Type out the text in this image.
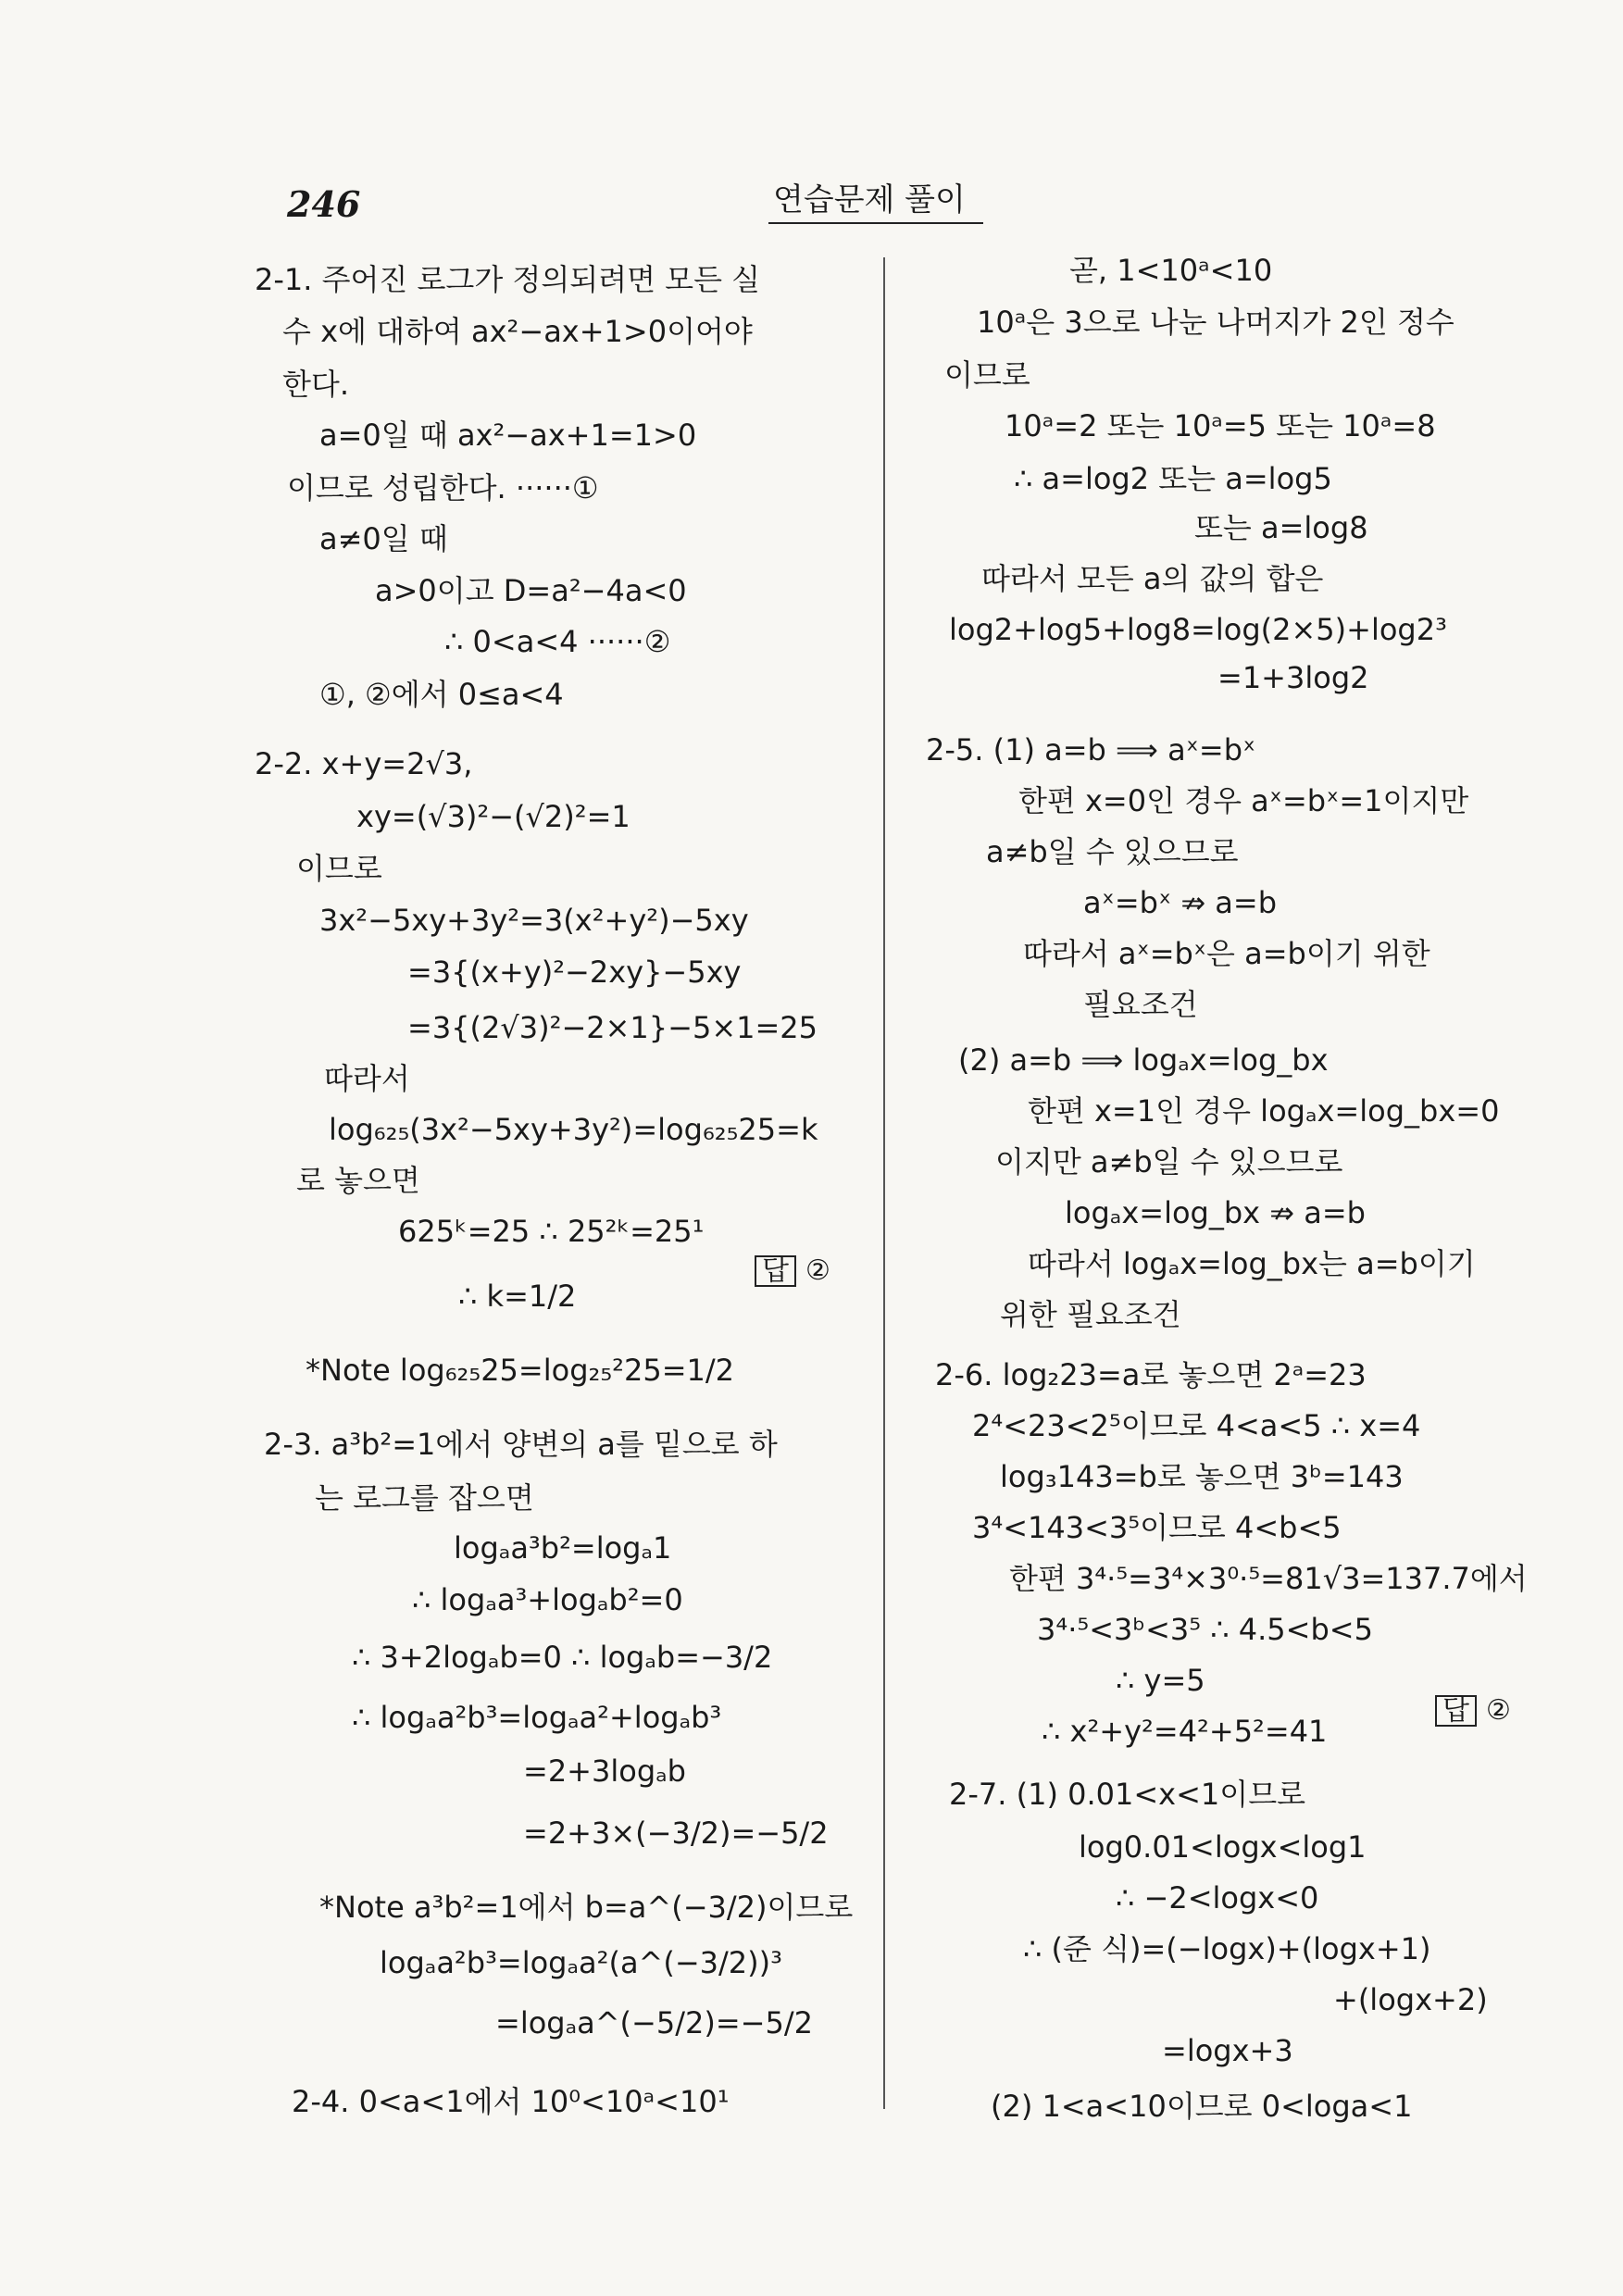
246	연습문제 풀이
2-1. 주어진 로그가 정의되려면 모든 실
수 x에 대하여 ax²−ax+1>0이어야
한다.
a=0일 때 ax²−ax+1=1>0
이므로 성립한다. ······①
a≠0일 때
a>0이고 D=a²−4a<0
∴ 0<a<4 ······②
①, ②에서 0≤a<4
2-2. x+y=2√3,
xy=(√3)²−(√2)²=1
이므로
3x²−5xy+3y²=3(x²+y²)−5xy
=3{(x+y)²−2xy}−5xy
=3{(2√3)²−2×1}−5×1=25
따라서
log₆₂₅(3x²−5xy+3y²)=log₆₂₅25=k
로 놓으면
625ᵏ=25 ∴ 25²ᵏ=25¹
∴ k=1/2
*Note log₆₂₅25=log₂₅²25=1/2
2-3. a³b²=1에서 양변의 a를 밑으로 하
는 로그를 잡으면
logₐa³b²=logₐ1
∴ logₐa³+logₐb²=0
∴ 3+2logₐb=0 ∴ logₐb=−3/2
∴ logₐa²b³=logₐa²+logₐb³
=2+3logₐb
=2+3×(−3/2)=−5/2
*Note a³b²=1에서 b=a^(−3/2)이므로
logₐa²b³=logₐa²(a^(−3/2))³
=logₐa^(−5/2)=−5/2
2-4. 0<a<1에서 10⁰<10ᵃ<10¹
곧, 1<10ᵃ<10
10ᵃ은 3으로 나눈 나머지가 2인 정수
이므로
10ᵃ=2 또는 10ᵃ=5 또는 10ᵃ=8
∴ a=log2 또는 a=log5
또는 a=log8
따라서 모든 a의 값의 합은
log2+log5+log8=log(2×5)+log2³
=1+3log2
2-5. (1) a=b ⟹ aˣ=bˣ
한편 x=0인 경우 aˣ=bˣ=1이지만
a≠b일 수 있으므로
aˣ=bˣ ⇏ a=b
따라서 aˣ=bˣ은 a=b이기 위한
필요조건
(2) a=b ⟹ logₐx=log_bx
한편 x=1인 경우 logₐx=log_bx=0
이지만 a≠b일 수 있으므로
logₐx=log_bx ⇏ a=b
따라서 logₐx=log_bx는 a=b이기
위한 필요조건
2-6. log₂23=a로 놓으면 2ᵃ=23
2⁴<23<2⁵이므로 4<a<5 ∴ x=4
log₃143=b로 놓으면 3ᵇ=143
3⁴<143<3⁵이므로 4<b<5
한편 3⁴·⁵=3⁴×3⁰·⁵=81√3=137.7에서
3⁴·⁵<3ᵇ<3⁵ ∴ 4.5<b<5
∴ y=5
∴ x²+y²=4²+5²=41
2-7. (1) 0.01<x<1이므로
log0.01<logx<log1
∴ −2<logx<0
∴ (준 식)=(−logx)+(logx+1)
+(logx+2)
=logx+3
(2) 1<a<10이므로 0<loga<1
답 ②
답 ②
